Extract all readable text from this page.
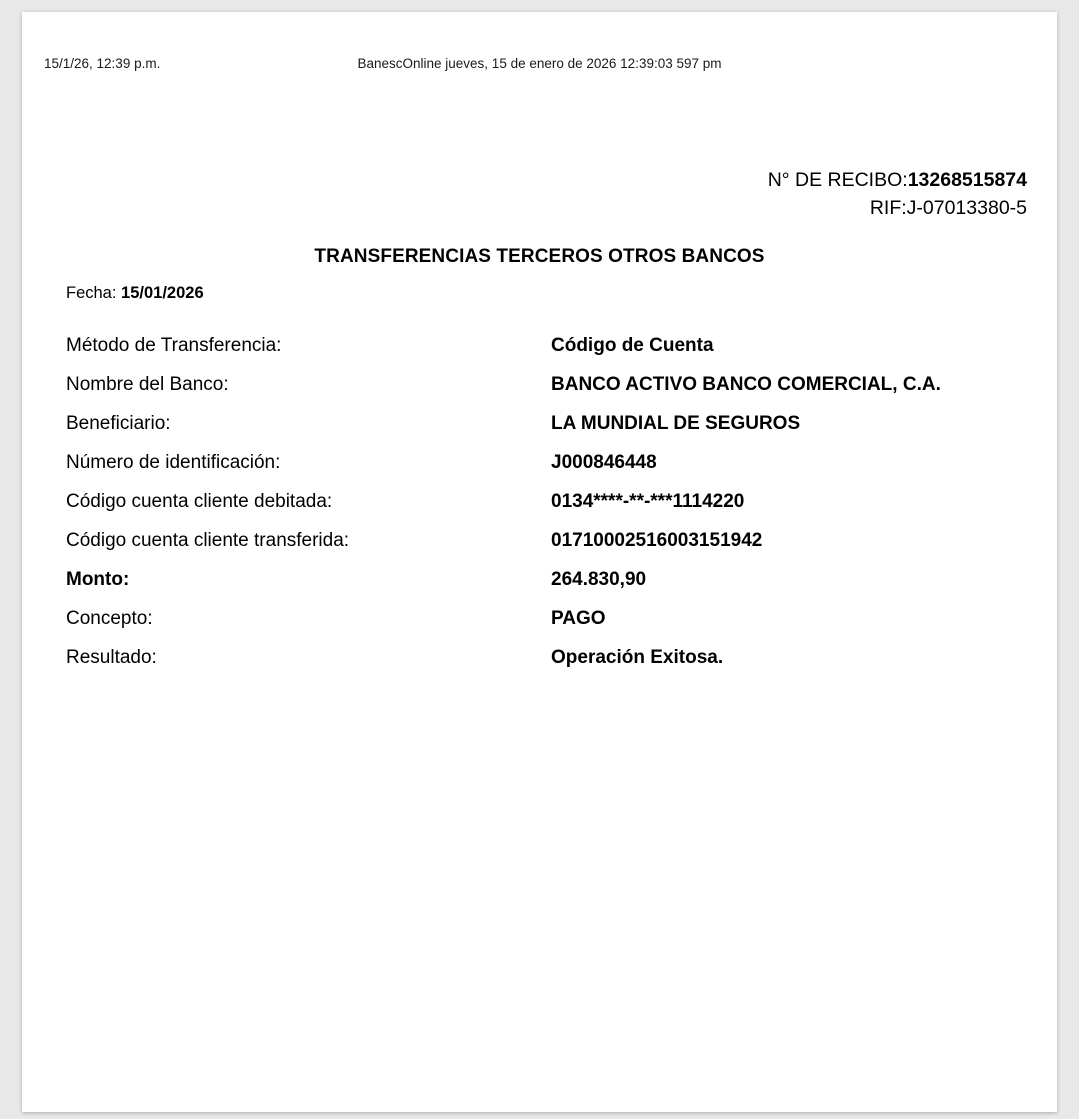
15/1/26, 12:39 p.m.	BanescOnline jueves, 15 de enero de 2026 12:39:03 597 pm
N° DE RECIBO:13268515874
RIF:J-07013380-5
TRANSFERENCIAS TERCEROS OTROS BANCOS
Fecha: 15/01/2026
Método de Transferencia:	Código de Cuenta
Nombre del Banco:	BANCO ACTIVO BANCO COMERCIAL, C.A.
Beneficiario:	LA MUNDIAL DE SEGUROS
Número de identificación:	J000846448
Código cuenta cliente debitada:	0134****-**-***1114220
Código cuenta cliente transferida:	01710002516003151942
Monto:	264.830,90
Concepto:	PAGO
Resultado:	Operación Exitosa.
